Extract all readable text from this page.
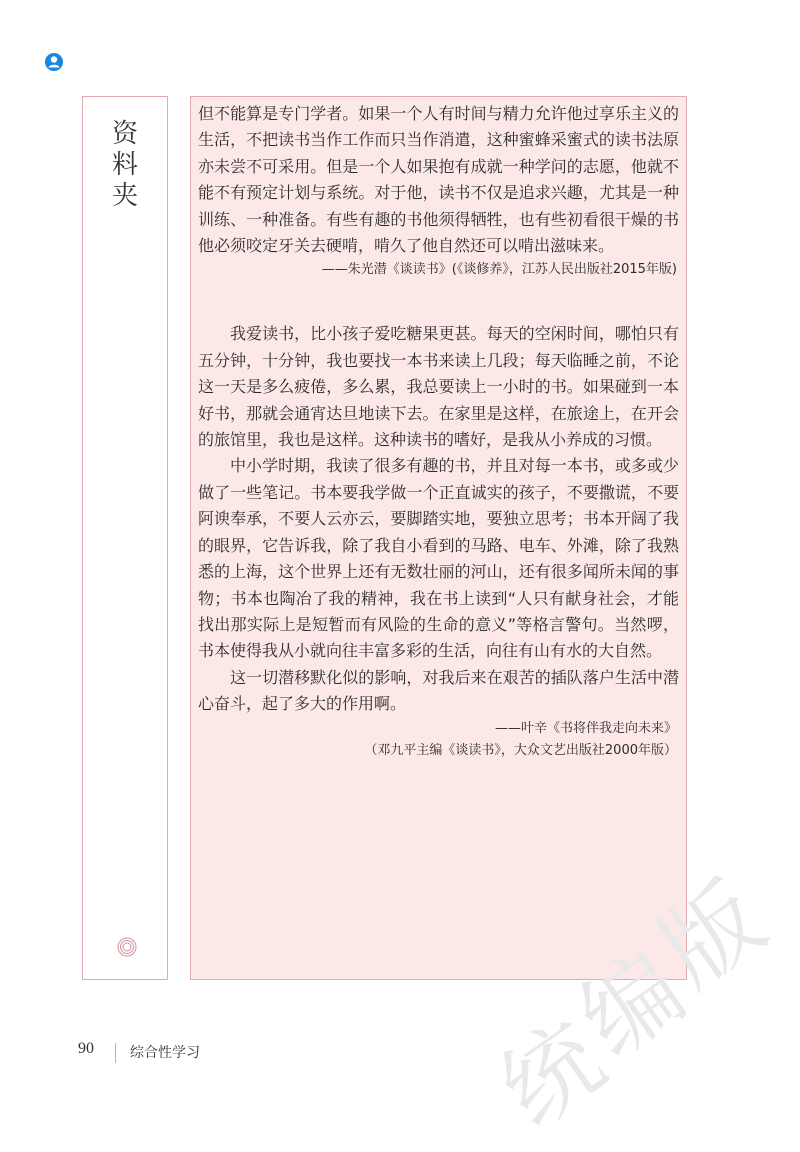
资
料
夹

但不能算是专门学者。如果一个人有时间与精力允许他过享乐主义的生活，不把读书当作工作而只当作消遣，这种蜜蜂采蜜式的读书法原亦未尝不可采用。但是一个人如果抱有成就一种学问的志愿，他就不能不有预定计划与系统。对于他，读书不仅是追求兴趣，尤其是一种训练、一种准备。有些有趣的书他须得牺牲，也有些初看很干燥的书他必须咬定牙关去硬啃，啃久了他自然还可以啃出滋味来。

——朱光潜《谈读书》(《谈修养》，江苏人民出版社2015年版)

我爱读书，比小孩子爱吃糖果更甚。每天的空闲时间，哪怕只有五分钟，十分钟，我也要找一本书来读上几段；每天临睡之前，不论这一天是多么疲倦，多么累，我总要读上一小时的书。如果碰到一本好书，那就会通宵达旦地读下去。在家里是这样，在旅途上，在开会的旅馆里，我也是这样。这种读书的嗜好，是我从小养成的习惯。

中小学时期，我读了很多有趣的书，并且对每一本书，或多或少做了一些笔记。书本要我学做一个正直诚实的孩子，不要撒谎，不要阿谀奉承，不要人云亦云，要脚踏实地，要独立思考；书本开阔了我的眼界，它告诉我，除了我自小看到的马路、电车、外滩，除了我熟悉的上海，这个世界上还有无数壮丽的河山，还有很多闻所未闻的事物；书本也陶冶了我的精神，我在书上读到“人只有献身社会，才能找出那实际上是短暂而有风险的生命的意义”等格言警句。当然啰，书本使得我从小就向往丰富多彩的生活，向往有山有水的大自然。

这一切潜移默化似的影响，对我后来在艰苦的插队落户生活中潜心奋斗，起了多大的作用啊。

——叶辛《书将伴我走向未来》

（邓九平主编《谈读书》，大众文艺出版社2000年版）

统
编
版
90	综合性学习
